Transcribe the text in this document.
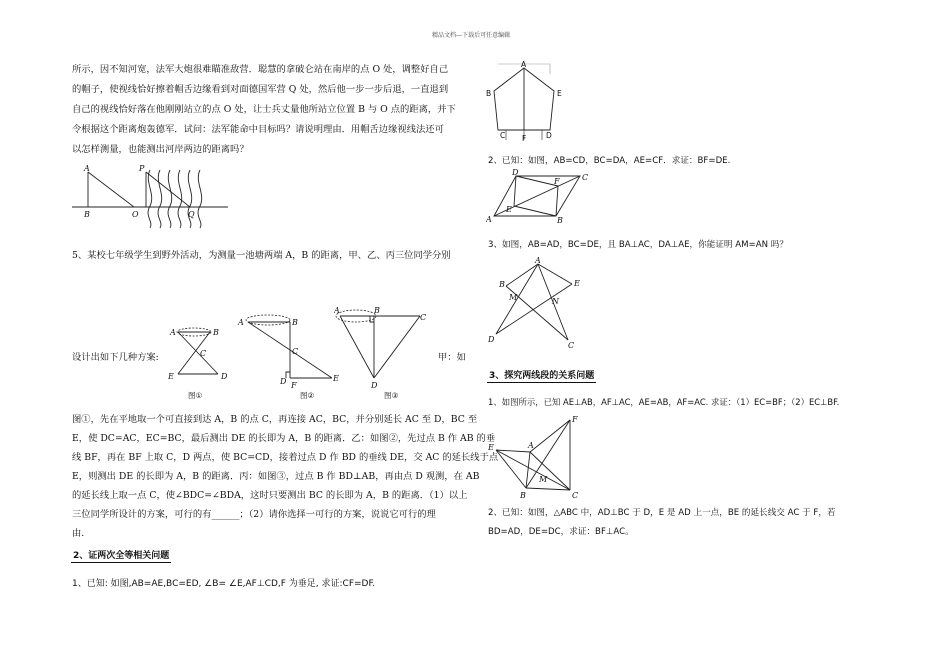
精品文档---下载后可任意编辑
所示，因不知河宽，法军大炮很难瞄准敌营．聪慧的拿破仑站在南岸的点 O 处，调整好自己
的帽子，使视线恰好擦着帽舌边缘看到对面德国军营 Q 处，然后他一步一步后退，一直退到
自己的视线恰好落在他刚刚站立的点 O 处，让士兵丈量他所站立位置 B 与 O 点的距离，并下
令根据这个距离炮轰德军．试问：法军能命中目标吗？请说明理由．用帽舌边缘视线法还可
以怎样测量，也能测出河岸两边的距离吗？
A	P
B	O	Q
5、某校七年级学生到野外活动，为测量一池塘两端 A，B 的距离，甲、乙、丙三位同学分别
A	B
C
E	D
图①
A	B
C
D F
E
图②
A	B
C
D
图③
设计出如下几种方案:	甲：如
图①，先在平地取一个可直接到达 A，B 的点 C，再连接 AC，BC，并分别延长 AC 至 D，BC 至
E，使 DC=AC，EC=BC，最后测出 DE 的长即为 A，B 的距离．乙：如图②，先过点 B 作 AB 的垂
线 BF，再在 BF 上取 C，D 两点，使 BC=CD，接着过点 D 作 BD 的垂线 DE，交 AC 的延长线于点
E，则测出 DE 的长即为 A，B 的距离．丙：如图③，过点 B 作 BD⊥AB，再由点 D 观测，在 AB
的延长线上取一点 C，使∠BDC=∠BDA，这时只要测出 BC 的长即为 A，B 的距离．（1）以上
三位同学所设计的方案，可行的有______；（2）请你选择一可行的方案，说说它可行的理
由.
2、证两次全等相关问题
1、已知: 如图,AB=AE,BC=ED, ∠B= ∠E,AF⊥CD,F 为垂足, 求证:CF=DF.
A
B	E
C F	D
2、已知：如图，AB=CD，BC=DA，AE=CF．求证：BF=DE.
A
D
C
B
E
F
3、如图，AB=AD，BC=DE，且 BA⊥AC，DA⊥AE，你能证明 AM=AN 吗？
A
B	E
M	N
D
C
3、探究两线段的关系问题
1、如图所示，已知 AE⊥AB，AF⊥AC，AE=AB，AF=AC. 求证：（1）EC=BF；（2）EC⊥BF.
E	A
F
M
B	C
2、已知：如图，△ABC 中，AD⊥BC 于 D，E 是 AD 上一点，BE 的延长线交 AC 于 F，若
BD=AD，DE=DC，求证：BF⊥AC。
